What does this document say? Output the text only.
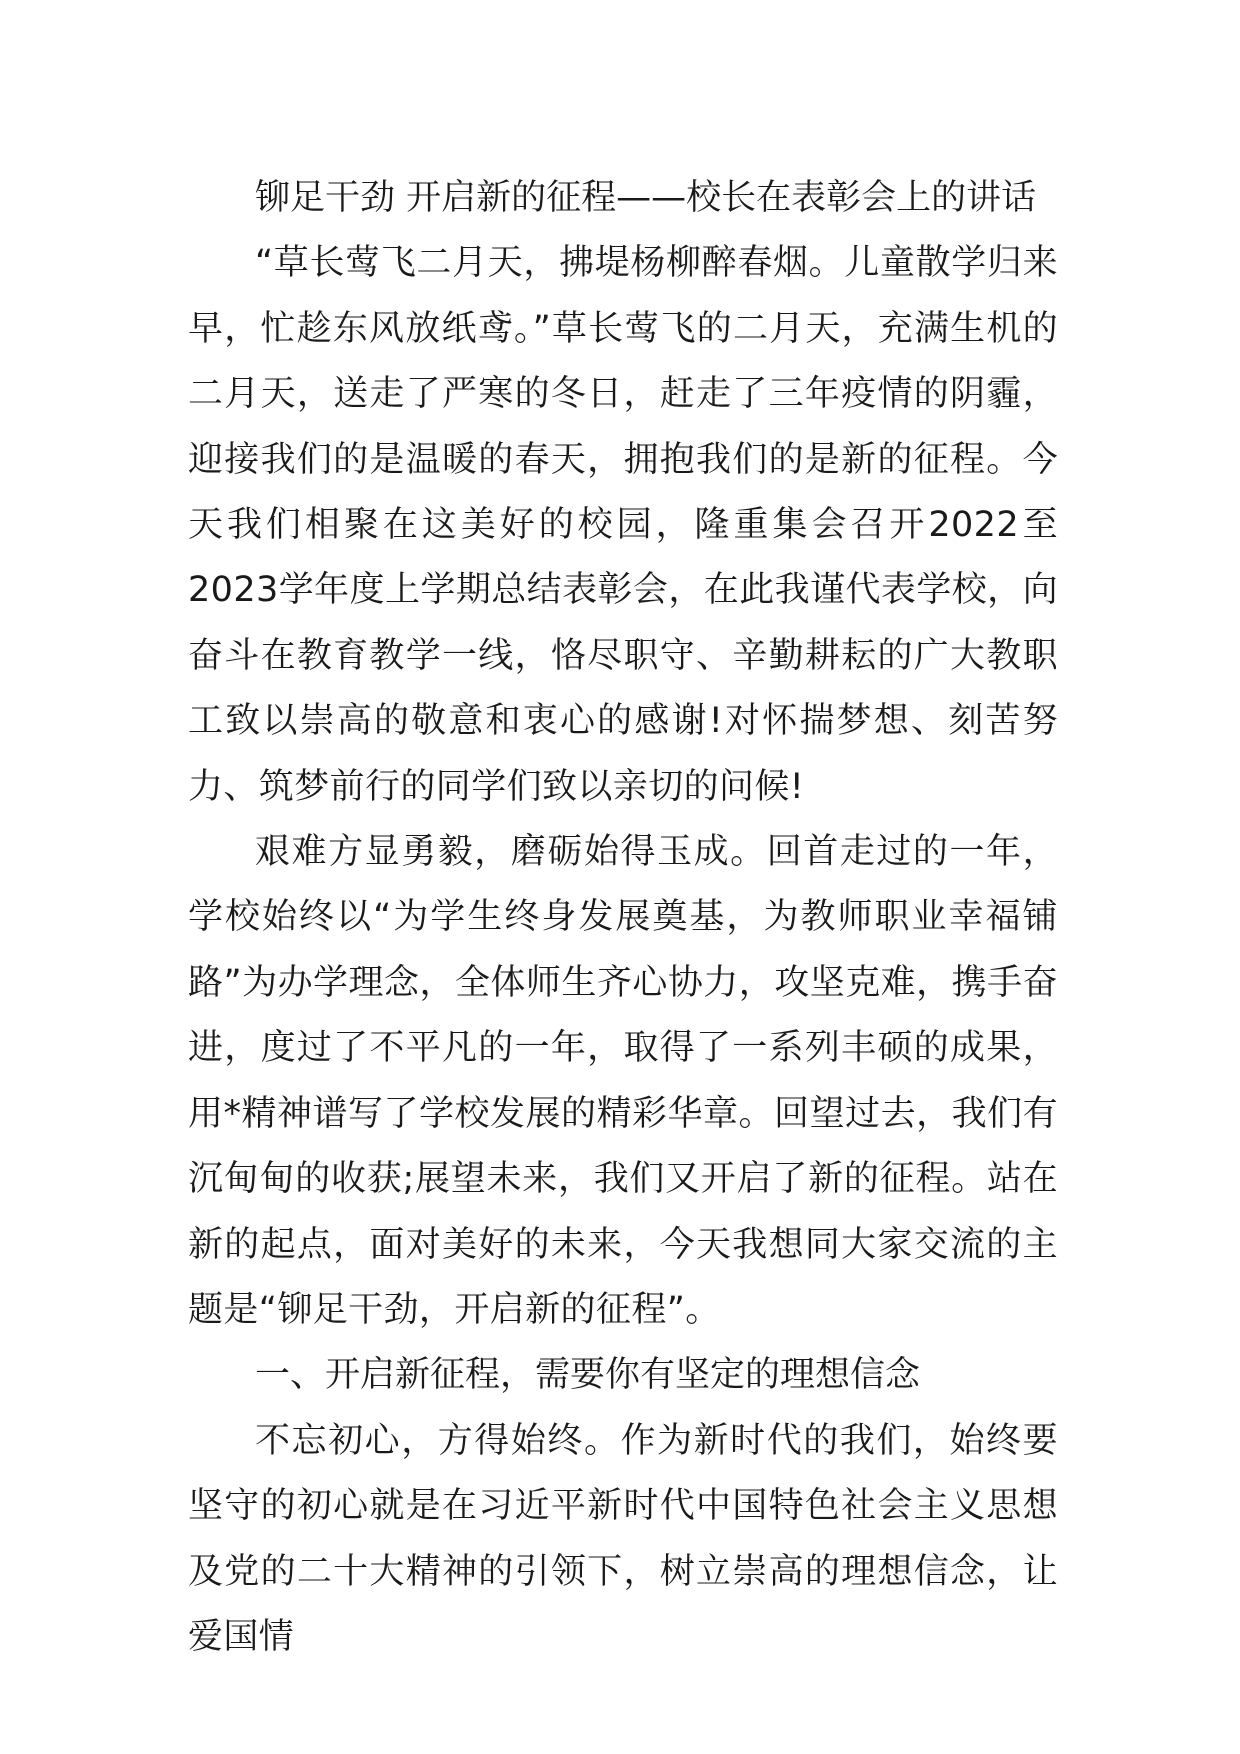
铆足干劲 开启新的征程——校长在表彰会上的讲话

“草长莺飞二月天，拂堤杨柳醉春烟。儿童散学归来早，忙趁东风放纸鸢。”草长莺飞的二月天，充满生机的二月天，送走了严寒的冬日，赶走了三年疫情的阴霾，迎接我们的是温暖的春天，拥抱我们的是新的征程。今天我们相聚在这美好的校园，隆重集会召开2022至2023学年度上学期总结表彰会，在此我谨代表学校，向奋斗在教育教学一线，恪尽职守、辛勤耕耘的广大教职工致以崇高的敬意和衷心的感谢!对怀揣梦想、刻苦努力、筑梦前行的同学们致以亲切的问候!

艰难方显勇毅，磨砺始得玉成。回首走过的一年，学校始终以“为学生终身发展奠基，为教师职业幸福铺路”为办学理念，全体师生齐心协力，攻坚克难，携手奋进，度过了不平凡的一年，取得了一系列丰硕的成果，用*精神谱写了学校发展的精彩华章。回望过去，我们有沉甸甸的收获;展望未来，我们又开启了新的征程。站在新的起点，面对美好的未来，今天我想同大家交流的主题是“铆足干劲，开启新的征程”。

一、开启新征程，需要你有坚定的理想信念

不忘初心，方得始终。作为新时代的我们，始终要坚守的初心就是在习近平新时代中国特色社会主义思想及党的二十大精神的引领下，树立崇高的理想信念，让爱国情
